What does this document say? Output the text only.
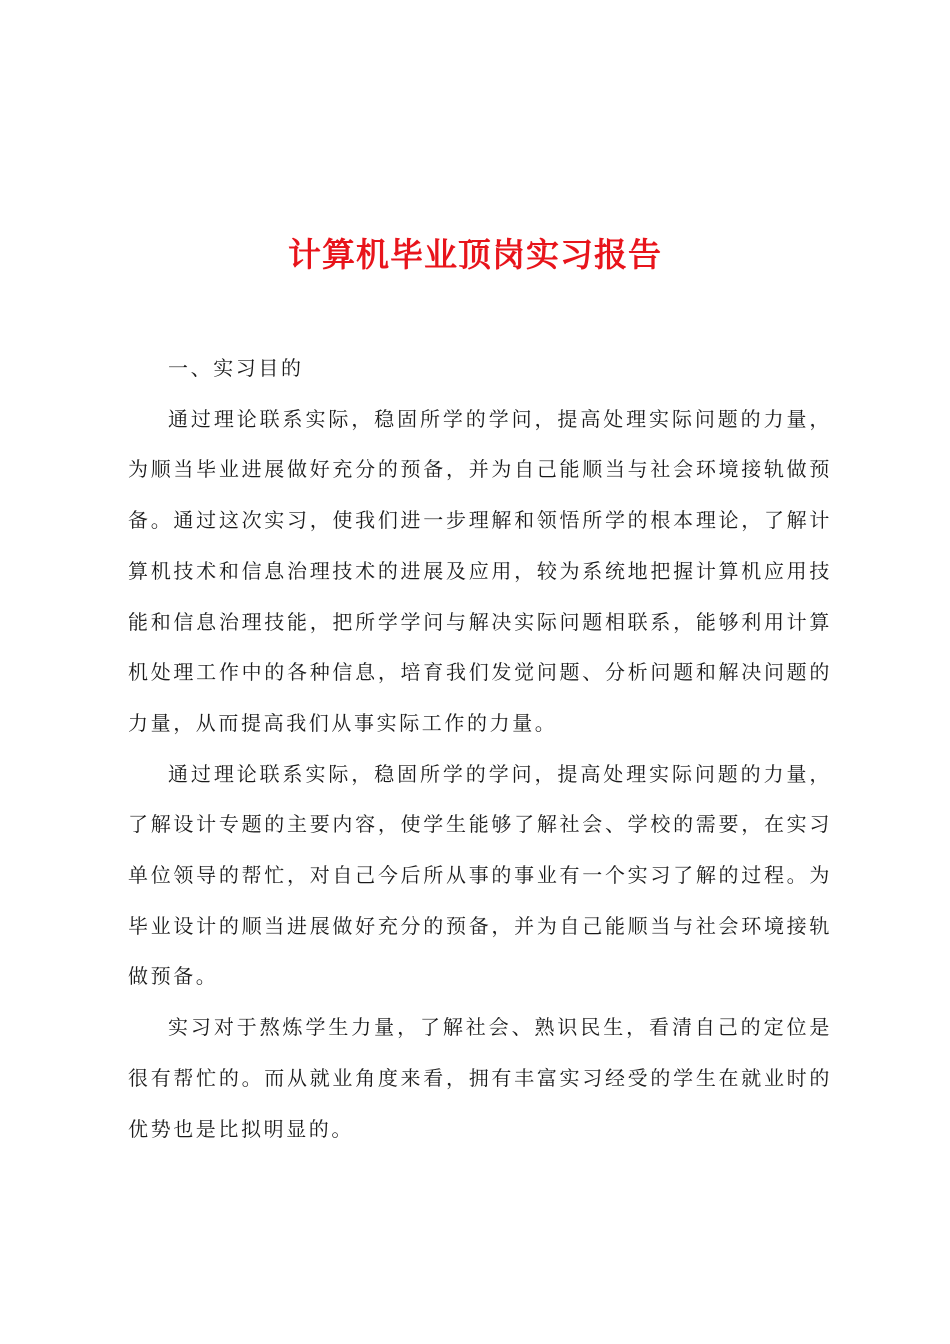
计算机毕业顶岗实习报告

一、实习目的

通过理论联系实际，稳固所学的学问，提高处理实际问题的力量，为顺当毕业进展做好充分的预备，并为自己能顺当与社会环境接轨做预备。通过这次实习，使我们进一步理解和领悟所学的根本理论，了解计算机技术和信息治理技术的进展及应用，较为系统地把握计算机应用技能和信息治理技能，把所学学问与解决实际问题相联系，能够利用计算机处理工作中的各种信息，培育我们发觉问题、分析问题和解决问题的力量，从而提高我们从事实际工作的力量。

通过理论联系实际，稳固所学的学问，提高处理实际问题的力量，了解设计专题的主要内容，使学生能够了解社会、学校的需要，在实习单位领导的帮忙，对自己今后所从事的事业有一个实习了解的过程。为毕业设计的顺当进展做好充分的预备，并为自己能顺当与社会环境接轨做预备。

实习对于熬炼学生力量，了解社会、熟识民生，看清自己的定位是很有帮忙的。而从就业角度来看，拥有丰富实习经受的学生在就业时的优势也是比拟明显的。
